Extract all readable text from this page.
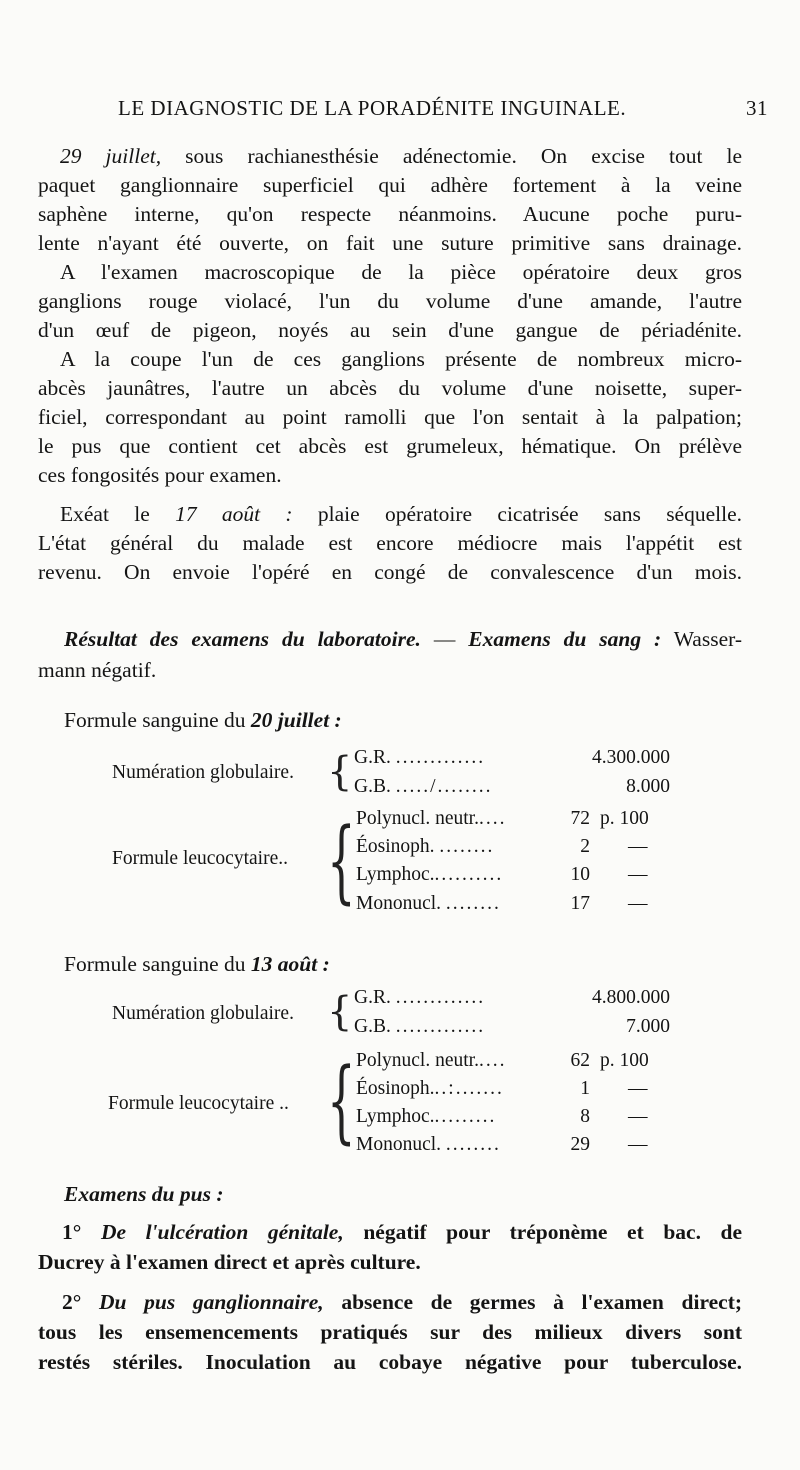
LE DIAGNOSTIC DE LA PORADÉNITE INGUINALE.	31
29 juillet, sous rachianesthésie adénectomie. On excise tout le
paquet ganglionnaire superficiel qui adhère fortement à la veine
saphène interne, qu'on respecte néanmoins. Aucune poche puru-
lente n'ayant été ouverte, on fait une suture primitive sans drainage.
A l'examen macroscopique de la pièce opératoire deux gros
ganglions rouge violacé, l'un du volume d'une amande, l'autre
d'un œuf de pigeon, noyés au sein d'une gangue de périadénite.
A la coupe l'un de ces ganglions présente de nombreux micro-
abcès jaunâtres, l'autre un abcès du volume d'une noisette, super-
ficiel, correspondant au point ramolli que l'on sentait à la palpation;
le pus que contient cet abcès est grumeleux, hématique. On prélève
ces fongosités pour examen.
Exéat le 17 août : plaie opératoire cicatrisée sans séquelle.
L'état général du malade est encore médiocre mais l'appétit est
revenu. On envoie l'opéré en congé de convalescence d'un mois.
Résultat des examens du laboratoire. — Examens du sang : Wasser-
mann négatif.
Formule sanguine du 20 juillet :
Numération globulaire. { G.R. .............	4.300.000
G.B. ...../........	8.000
Formule leucocytaire.. { Polynucl. neutr.....	72 p. 100
Éosinoph. ........	2 —
Lymphoc...........	10 —
Mononucl. ........	17 —
Formule sanguine du 13 août :
Numération globulaire. { G.R. .............	4.800.000
G.B. .............	7.000
Formule leucocytaire .. { Polynucl. neutr.....	62 p. 100
Éosinoph...:.......	1 —
Lymphoc..........	8 —
Mononucl. ........	29 —
Examens du pus :
1° De l'ulcération génitale, négatif pour tréponème et bac. de
Ducrey à l'examen direct et après culture.
2° Du pus ganglionnaire, absence de germes à l'examen direct;
tous les ensemencements pratiqués sur des milieux divers sont
restés stériles. Inoculation au cobaye négative pour tuberculose.
